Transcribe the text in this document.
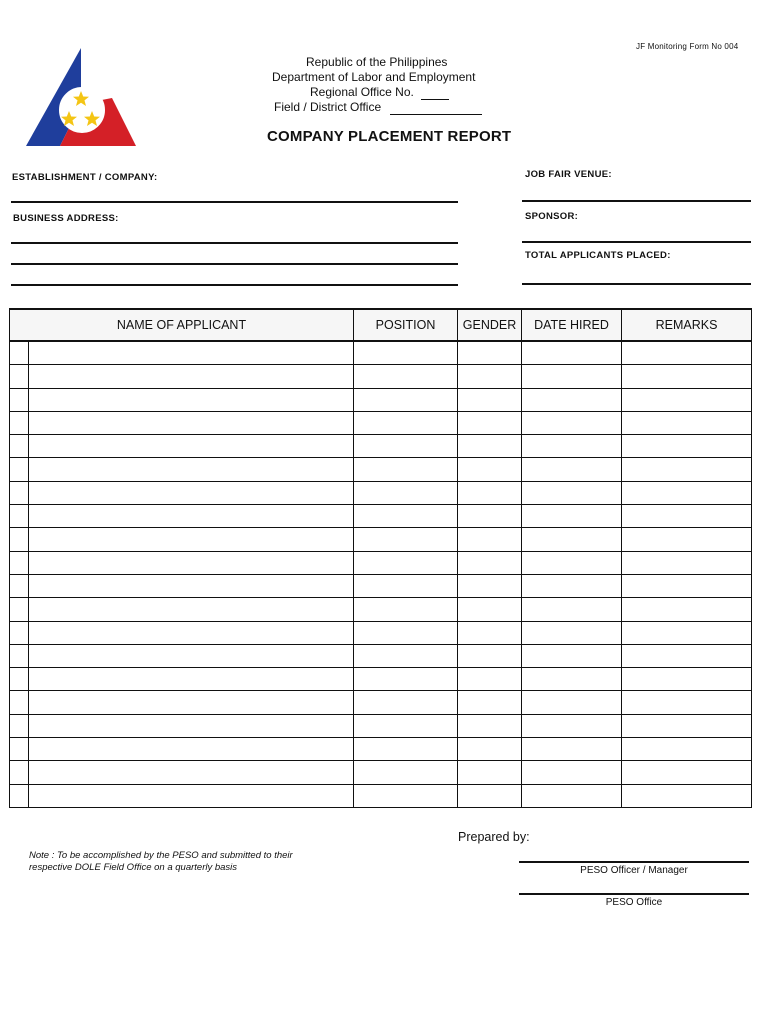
JF Monitoring Form No 004
Republic of the Philippines
Department of Labor and Employment
Regional Office No.
Field / District Office
COMPANY PLACEMENT REPORT
ESTABLISHMENT / COMPANY:
BUSINESS ADDRESS:
JOB FAIR VENUE:
SPONSOR:
TOTAL APPLICANTS PLACED:
NAME OF APPLICANT		POSITION	GENDER	DATE HIRED	REMARKS

Prepared by:
Note : To be accomplished by the PESO and submitted to their
respective DOLE Field Office on a quarterly basis	PESO Officer / Manager
PESO Office
